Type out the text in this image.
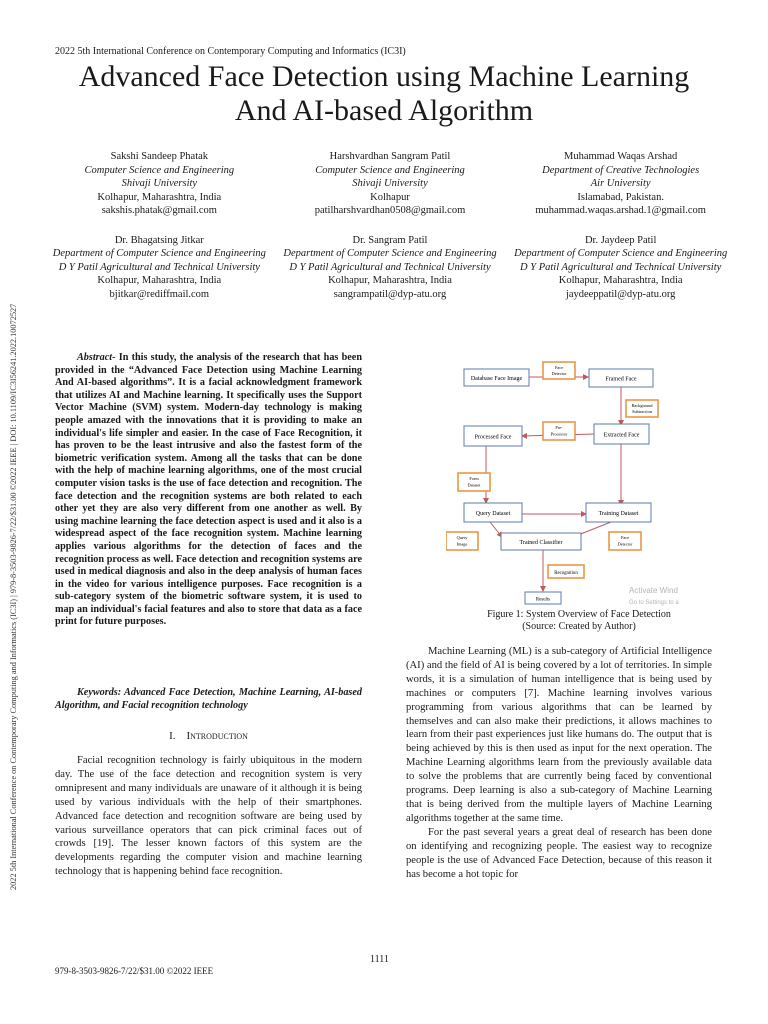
2022 5th International Conference on Contemporary Computing and Informatics (IC3I)
Advanced Face Detection using Machine Learning
And AI-based Algorithm
2022 5th International Conference on Contemporary Computing and Informatics (IC3I) | 979-8-3503-9826-7/22/$31.00 ©2022 IEEE | DOI: 10.1109/IC3I56241.2022.10072527
Sakshi Sandeep Phatak
Computer Science and Engineering
Shivaji University
Kolhapur, Maharashtra, India
sakshis.phatak@gmail.com
Harshvardhan Sangram Patil
Computer Science and Engineering
Shivaji University
Kolhapur
patilharshvardhan0508@gmail.com
Muhammad Waqas Arshad
Department of Creative Technologies
Air University
Islamabad, Pakistan.
muhammad.waqas.arshad.1@gmail.com
Dr. Bhagatsing Jitkar
Department of Computer Science and Engineering
D Y Patil Agricultural and Technical University
Kolhapur, Maharashtra, India
bjitkar@rediffmail.com
Dr. Sangram Patil
Department of Computer Science and Engineering
D Y Patil Agricultural and Technical University
Kolhapur, Maharashtra, India
sangrampatil@dyp-atu.org
Dr. Jaydeep Patil
Department of Computer Science and Engineering
D Y Patil Agricultural and Technical University
Kolhapur, Maharashtra, India
jaydeeppatil@dyp-atu.org

Abstract- In this study, the analysis of the research that has been provided in the “Advanced Face Detection using Machine Learning And AI-based algorithms”. It is a facial acknowledgment framework that utilizes AI and Machine learning. It specifically uses the Support Vector Machine (SVM) system. Modern-day technology is making people amazed with the innovations that it is providing to make an individual's life simpler and easier. In the case of Face Recognition, it has proven to be the least intrusive and also the fastest form of the biometric verification system. Among all the tasks that can be done with the help of machine learning algorithms, one of the most crucial computer vision tasks is the use of face detection and recognition. The face detection and the recognition systems are both related to each other yet they are also very different from one another as well. By using machine learning the face detection aspect is used and it also is a widespread aspect of the face recognition system. Machine learning applies various algorithms for the detection of faces and the recognition process as well. Face detection and recognition systems are used in medical diagnosis and also in the deep analysis of human faces in the video for various intelligence purposes. Face recognition is a sub-category system of the biometric software system, it is used to map an individual's facial features and also to store that data as a face print for future purposes.

Keywords: Advanced Face Detection, Machine Learning, AI-based Algorithm, and Facial recognition technology

I. Introduction

Facial recognition technology is fairly ubiquitous in the modern day. The use of the face detection and recognition system is very omnipresent and many individuals are unaware of it although it is being used by various individuals with the help of their smartphones. Advanced face detection and recognition software are being used by various surveillance operators that can pick criminal faces out of crowds [19]. The lesser known factors of this system are the developments regarding the computer vision and machine learning technology that is happening behind face recognition.

Database Face Image
Face
Detector
Framed Face
Background
Subtraction
Processed Face
Pre-
Processor	Extracted Face
Form
Dataset
Query Dataset	Training Dataset
Query
Image	Trained Classifier
Face
Detector
Recognition
Results
Activate Wind
Go to Settings to a
Figure 1: System Overview of Face Detection
(Source: Created by Author)

Machine Learning (ML) is a sub-category of Artificial Intelligence (AI) and the field of AI is being covered by a lot of territories. In simple words, it is a simulation of human intelligence that is being used by machines or computers [7]. Machine learning involves various programming from various algorithms that can be learned by themselves and can also make their predictions, it allows machines to learn from their past experiences just like humans do. The output that is being achieved by this is then used as input for the next operation. The Machine Learning algorithms learn from the previously available data to solve the problems that are currently being faced by conventional programs. Deep learning is also a sub-category of Machine Learning that is being derived from the multiple layers of Machine Learning algorithms together at the same time.

For the past several years a great deal of research has been done on identifying and recognizing people. The easiest way to recognize people is the use of Advanced Face Detection, because of this reason it has become a hot topic for

1111
979-8-3503-9826-7/22/$31.00 ©2022 IEEE
